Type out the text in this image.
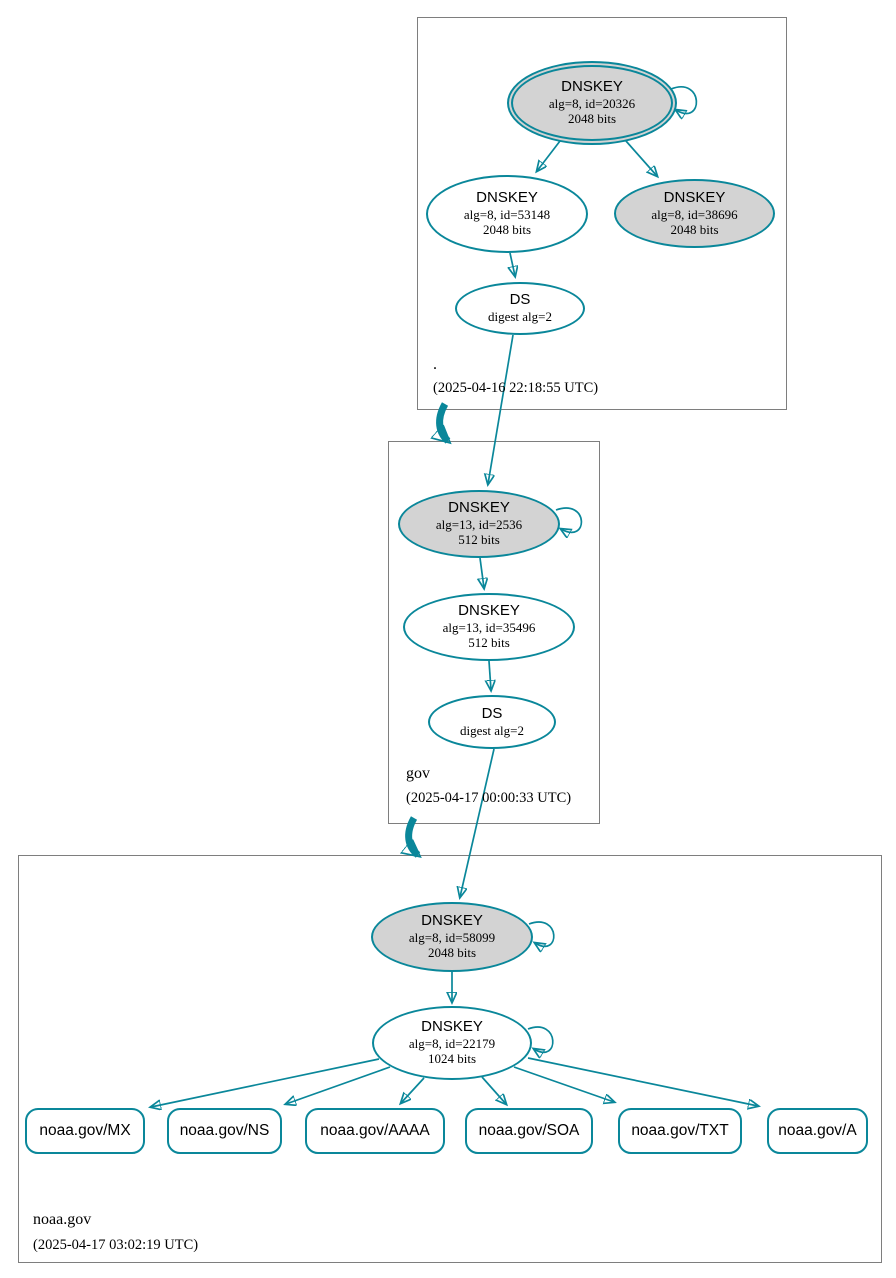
DNSKEY
alg=8, id=20326
2048 bits
DNSKEY
alg=8, id=53148
2048 bits
DNSKEY
alg=8, id=38696
2048 bits
DS
digest alg=2
.
(2025-04-16 22:18:55 UTC)
DNSKEY
alg=13, id=2536
512 bits
DNSKEY
alg=13, id=35496
512 bits
DS
digest alg=2
gov
(2025-04-17 00:00:33 UTC)
DNSKEY
alg=8, id=58099
2048 bits
DNSKEY
alg=8, id=22179
1024 bits
noaa.gov/MX	noaa.gov/NS	noaa.gov/AAAA	noaa.gov/SOA	noaa.gov/TXT	noaa.gov/A
noaa.gov
(2025-04-17 03:02:19 UTC)
